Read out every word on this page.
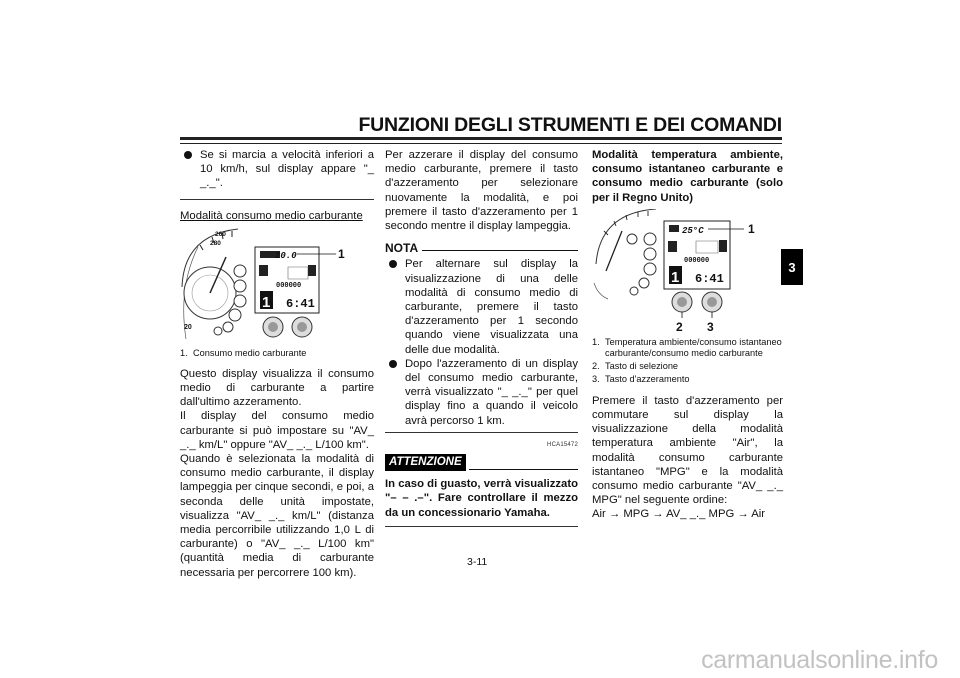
FUNZIONI DEGLI STRUMENTI E DEI COMANDI
3

Se si marcia a velocità inferiori a 10 km/h, sul display appare "_ _._".

Modalità consumo medio carburante

260
280
20
20.0
000000
1 6:41
1
1. Consumo medio carburante

Questo display visualizza il consumo medio di carburante a partire dall'ultimo azzeramento.

Il display del consumo medio carburante si può impostare su "AV_ _._ km/L" oppure "AV_ _._ L/100 km".

Quando è selezionata la modalità di consumo medio carburante, il display lampeggia per cinque secondi, e poi, a seconda delle unità impostate, visualizza "AV_ _._ km/L" (distanza media percorribile utilizzando 1,0 L di carburante) o "AV_ _._ L/100 km" (quantità media di carburante necessaria per percorrere 100 km).

Per azzerare il display del consumo medio carburante, premere il tasto d'azzeramento per selezionare nuovamente la modalità, e poi premere il tasto d'azzeramento per 1 secondo mentre il display lampeggia.

NOTA

Per alternare sul display la visualizzazione di una delle modalità di consumo medio di carburante, premere il tasto d'azzeramento per 1 secondo quando viene visualizzata una delle due modalità.

Dopo l'azzeramento di un display del consumo medio carburante, verrà visualizzato "_ _._" per quel display fino a quando il veicolo avrà percorso 1 km.

HCA15472
ATTENZIONE

In caso di guasto, verrà visualizzato "– – .–". Fare controllare il mezzo da un concessionario Yamaha.

Modalità temperatura ambiente, consumo istantaneo carburante e consumo medio carburante (solo per il Regno Unito)

25°C
000000
1 6:41
1
2 3
1. Temperatura ambiente/consumo istantaneo carburante/consumo medio carburante
2. Tasto di selezione
3. Tasto d'azzeramento

Premere il tasto d'azzeramento per commutare sul display la visualizzazione della modalità temperatura ambiente "Air", la modalità consumo carburante istantaneo "MPG" e la modalità consumo medio carburante "AV_ _._ MPG" nel seguente ordine:

Air → MPG → AV_ _._ MPG → Air

3-11
carmanualsonline.info
